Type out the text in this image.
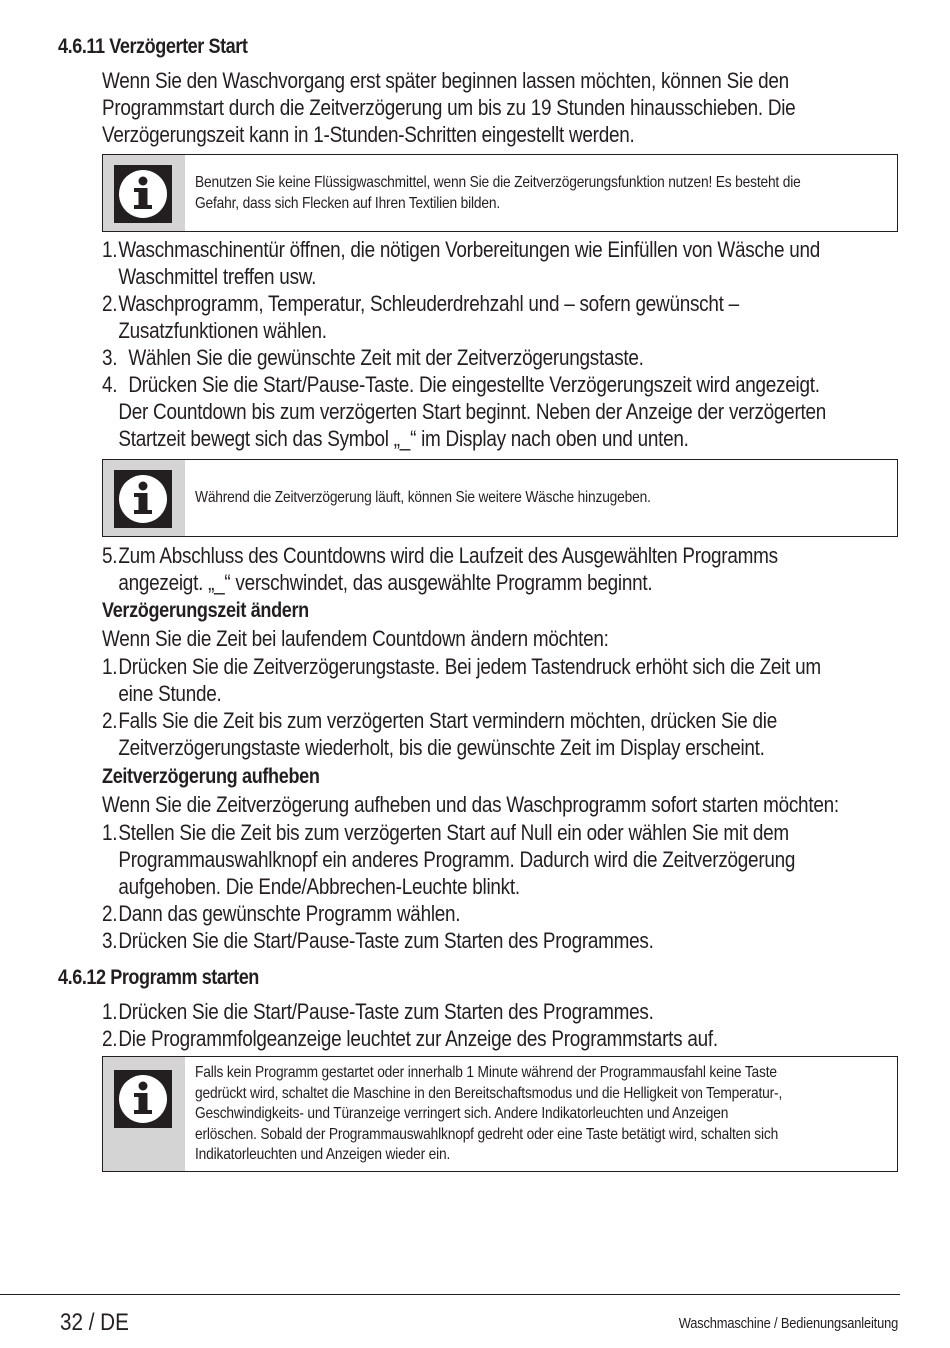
4.6.11 Verzögerter Start
Wenn Sie den Waschvorgang erst später beginnen lassen möchten, können Sie den
Programmstart durch die Zeitverzögerung um bis zu 19 Stunden hinausschieben. Die
Verzögerungszeit kann in 1-Stunden-Schritten eingestellt werden.
Benutzen Sie keine Flüssigwaschmittel, wenn Sie die Zeitverzögerungsfunktion nutzen! Es besteht die
Gefahr, dass sich Flecken auf Ihren Textilien bilden.
1.Waschmaschinentür öffnen, die nötigen Vorbereitungen wie Einfüllen von Wäsche und
Waschmittel treffen usw.
2.Waschprogramm, Temperatur, Schleuderdrehzahl und – sofern gewünscht –
Zusatzfunktionen wählen.
3.  Wählen Sie die gewünschte Zeit mit der Zeitverzögerungstaste.
4.  Drücken Sie die Start/Pause-Taste. Die eingestellte Verzögerungszeit wird angezeigt.
Der Countdown bis zum verzögerten Start beginnt. Neben der Anzeige der verzögerten
Startzeit bewegt sich das Symbol „_“ im Display nach oben und unten.
Während die Zeitverzögerung läuft, können Sie weitere Wäsche hinzugeben.
5.Zum Abschluss des Countdowns wird die Laufzeit des Ausgewählten Programms
angezeigt. „_“ verschwindet, das ausgewählte Programm beginnt.
Verzögerungszeit ändern
Wenn Sie die Zeit bei laufendem Countdown ändern möchten:
1.Drücken Sie die Zeitverzögerungstaste. Bei jedem Tastendruck erhöht sich die Zeit um
eine Stunde.
2.Falls Sie die Zeit bis zum verzögerten Start vermindern möchten, drücken Sie die
Zeitverzögerungstaste wiederholt, bis die gewünschte Zeit im Display erscheint.
Zeitverzögerung aufheben
Wenn Sie die Zeitverzögerung aufheben und das Waschprogramm sofort starten möchten:
1.Stellen Sie die Zeit bis zum verzögerten Start auf Null ein oder wählen Sie mit dem
Programmauswahlknopf ein anderes Programm. Dadurch wird die Zeitverzögerung
aufgehoben. Die Ende/Abbrechen-Leuchte blinkt.
2.Dann das gewünschte Programm wählen.
3.Drücken Sie die Start/Pause-Taste zum Starten des Programmes.
4.6.12 Programm starten
1.Drücken Sie die Start/Pause-Taste zum Starten des Programmes.
2.Die Programmfolgeanzeige leuchtet zur Anzeige des Programmstarts auf.
Falls kein Programm gestartet oder innerhalb 1 Minute während der Programmausfahl keine Taste
gedrückt wird, schaltet die Maschine in den Bereitschaftsmodus und die Helligkeit von Temperatur-,
Geschwindigkeits- und Türanzeige verringert sich. Andere Indikatorleuchten und Anzeigen
erlöschen. Sobald der Programmauswahlknopf gedreht oder eine Taste betätigt wird, schalten sich
Indikatorleuchten und Anzeigen wieder ein.
32 / DE	Waschmaschine / Bedienungsanleitung
